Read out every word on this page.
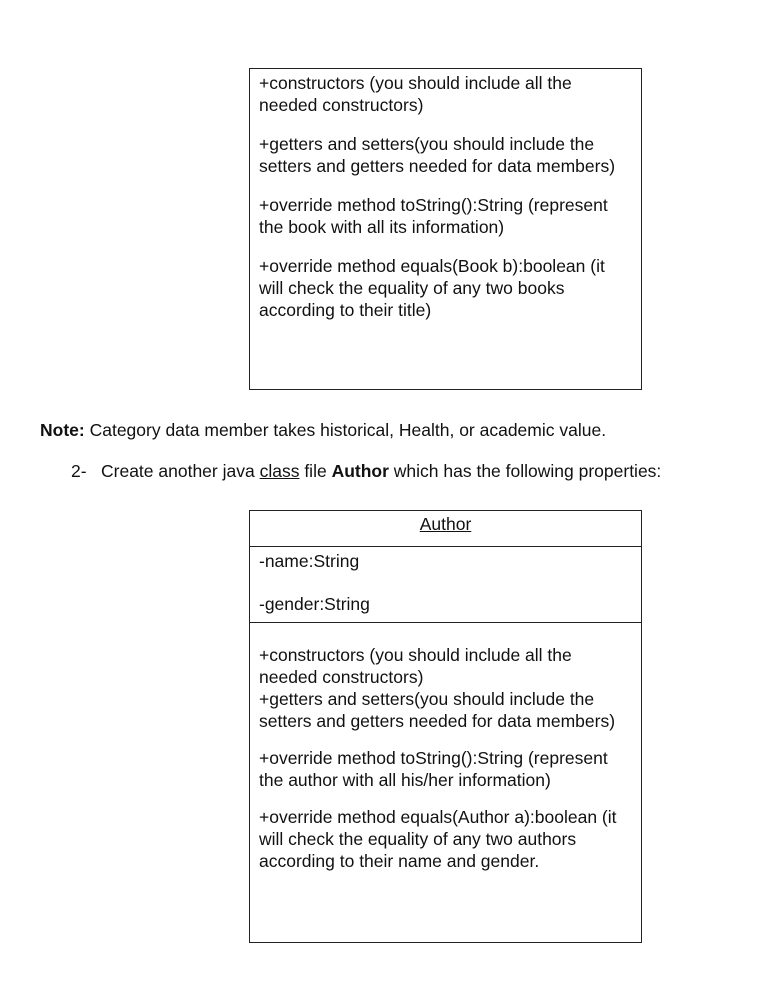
+constructors (you should include all the needed constructors)

+getters and setters(you should include the setters and getters needed for data members)

+override method toString():String (represent the book with all its information)

+override method equals(Book b):boolean (it will check the equality of any two books according to their title)

Note: Category data member takes historical, Health, or academic value.

2- Create another java class file Author which has the following properties:

Author

-name:String

-gender:String

+constructors (you should include all the needed constructors)

+getters and setters(you should include the setters and getters needed for data members)

+override method toString():String (represent the author with all his/her information)

+override method equals(Author a):boolean (it will check the equality of any two authors according to their name and gender.
